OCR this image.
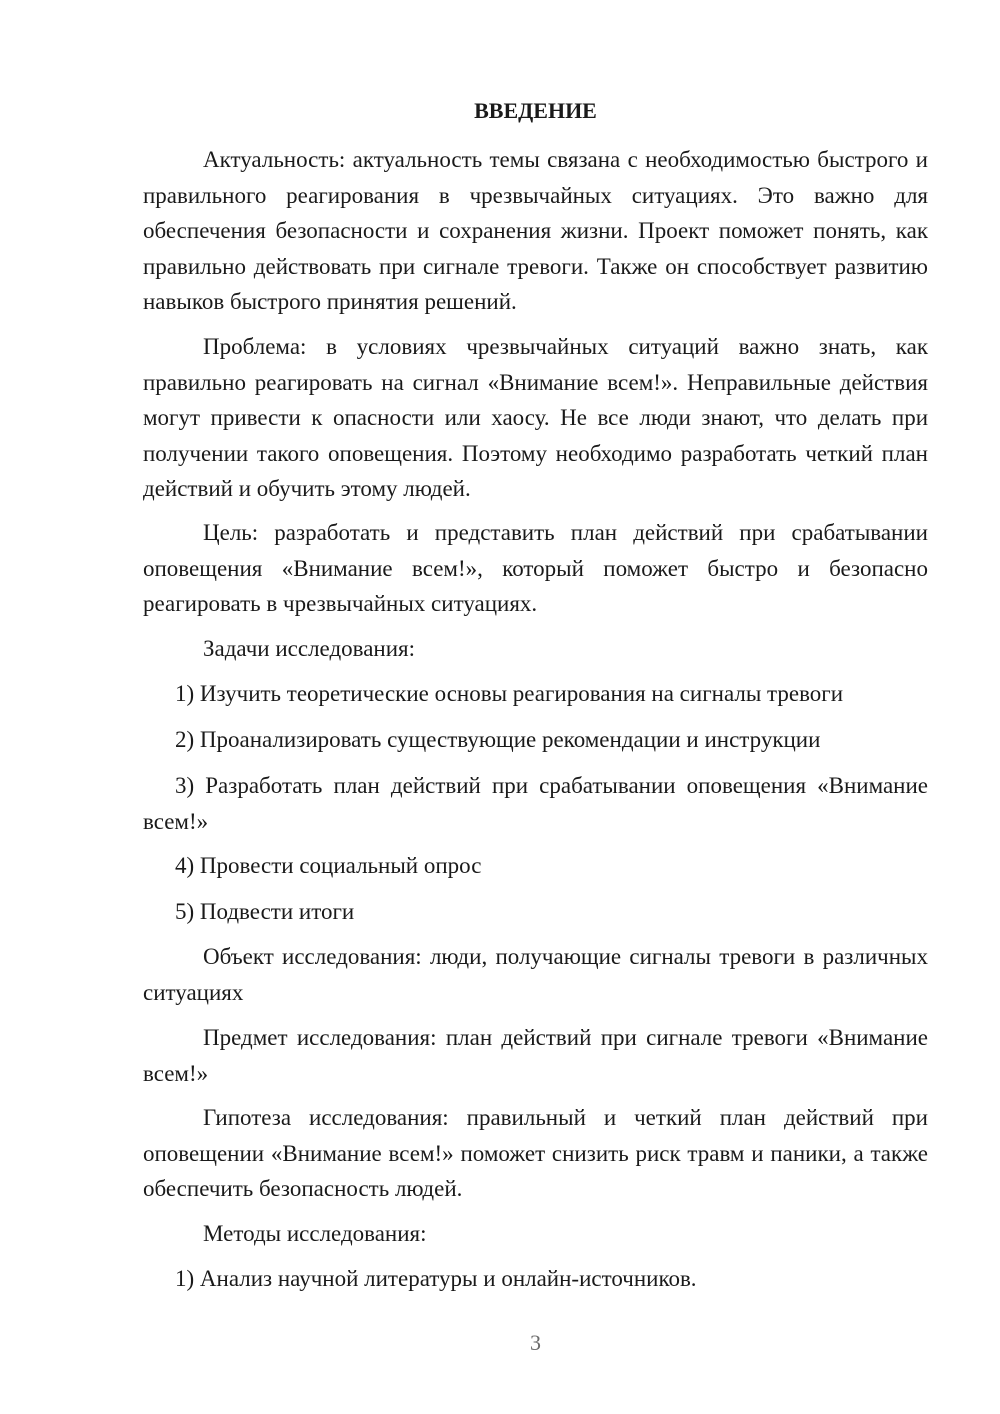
ВВЕДЕНИЕ

Актуальность: актуальность темы связана с необходимостью быстрого и правильного реагирования в чрезвычайных ситуациях. Это важно для обеспечения безопасности и сохранения жизни. Проект поможет понять, как правильно действовать при сигнале тревоги. Также он способствует развитию навыков быстрого принятия решений.

Проблема: в условиях чрезвычайных ситуаций важно знать, как правильно реагировать на сигнал «Внимание всем!». Неправильные действия могут привести к опасности или хаосу. Не все люди знают, что делать при получении такого оповещения. Поэтому необходимо разработать четкий план действий и обучить этому людей.

Цель: разработать и представить план действий при срабатывании оповещения «Внимание всем!», который поможет быстро и безопасно реагировать в чрезвычайных ситуациях.

Задачи исследования:

1) Изучить теоретические основы реагирования на сигналы тревоги

2) Проанализировать существующие рекомендации и инструкции

3) Разработать план действий при срабатывании оповещения «Внимание всем!»

4) Провести социальный опрос

5) Подвести итоги

Объект исследования: люди, получающие сигналы тревоги в различных ситуациях

Предмет исследования: план действий при сигнале тревоги «Внимание всем!»

Гипотеза исследования: правильный и четкий план действий при оповещении «Внимание всем!» поможет снизить риск травм и паники, а также обеспечить безопасность людей.

Методы исследования:

1) Анализ научной литературы и онлайн-источников.

3
